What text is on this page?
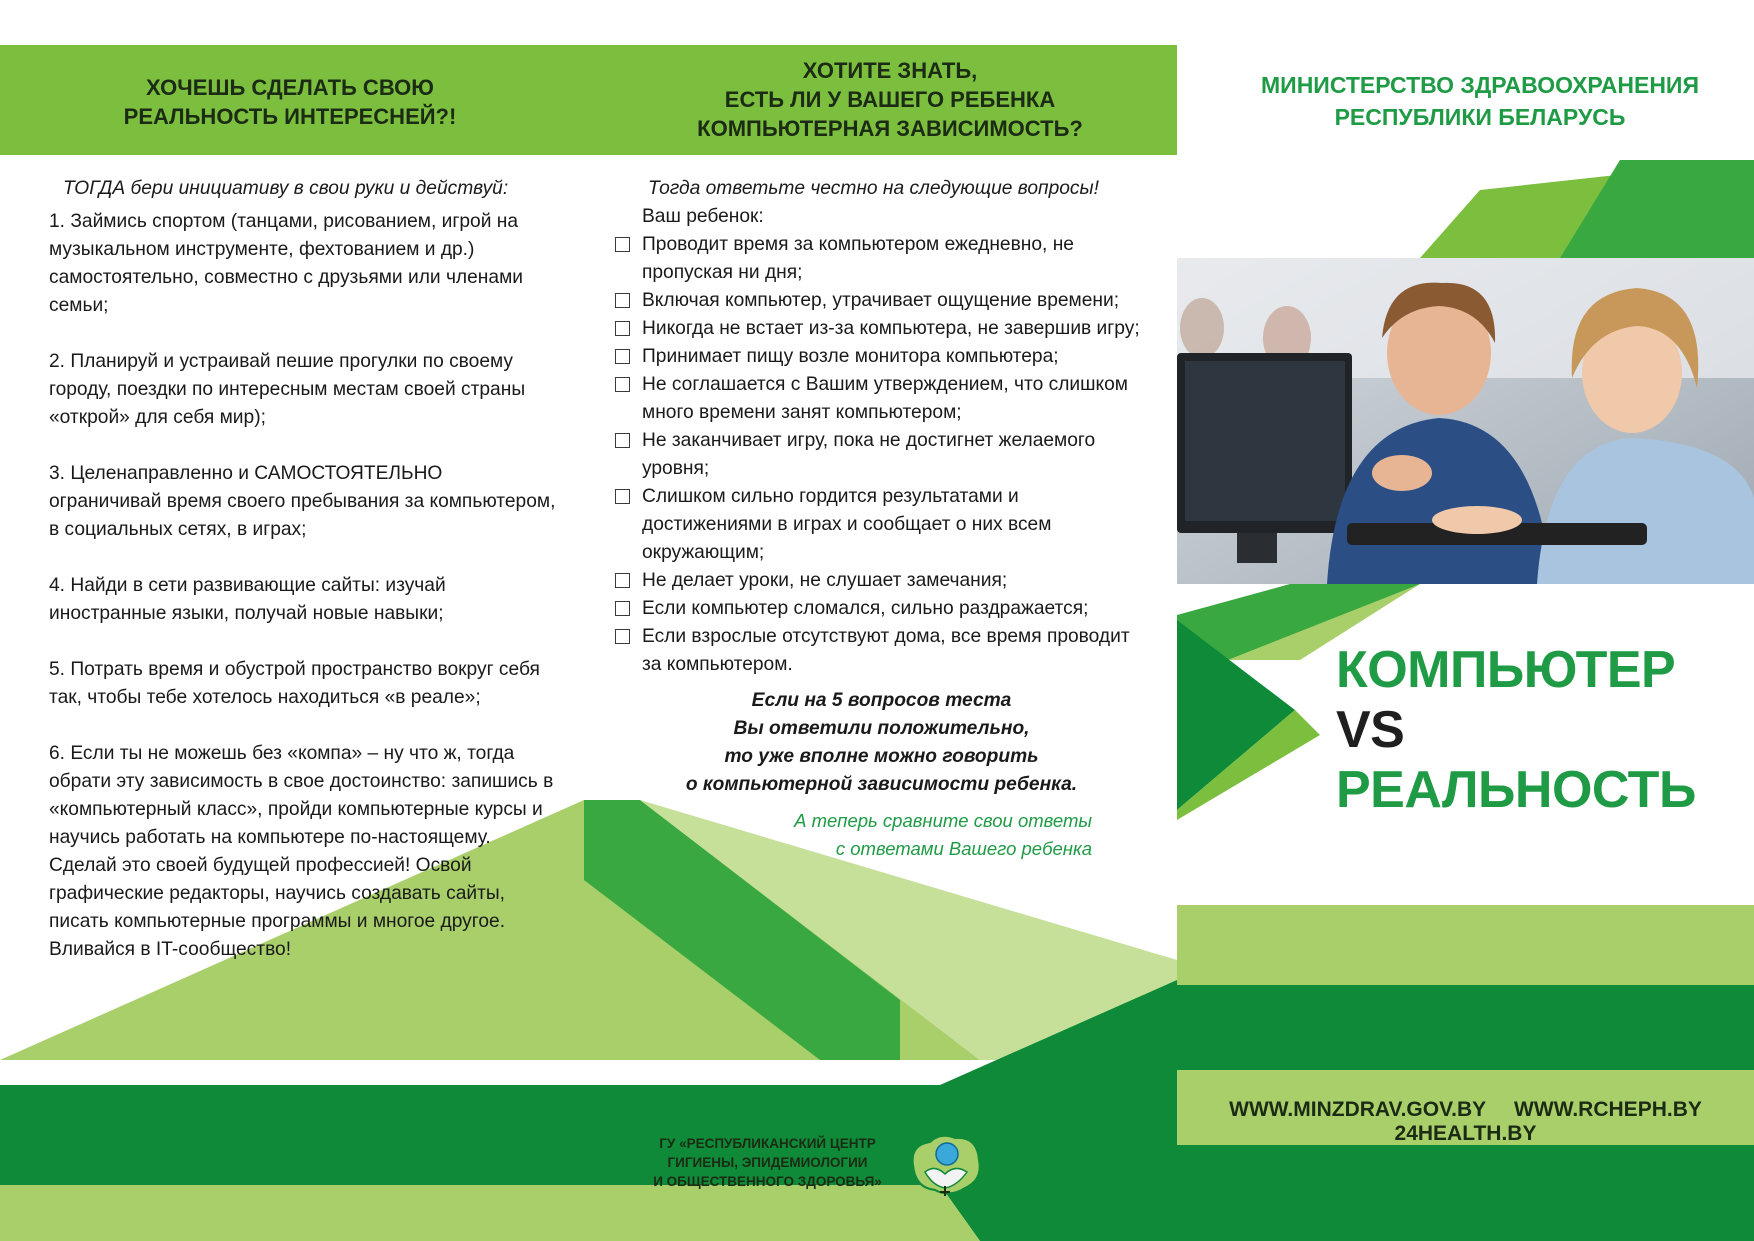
ХОЧЕШЬ СДЕЛАТЬ СВОЮ
РЕАЛЬНОСТЬ ИНТЕРЕСНЕЙ?!
ХОТИТЕ ЗНАТЬ,
ЕСТЬ ЛИ У ВАШЕГО РЕБЕНКА
КОМПЬЮТЕРНАЯ ЗАВИСИМОСТЬ?
МИНИСТЕРСТВО ЗДРАВООХРАНЕНИЯ
РЕСПУБЛИКИ БЕЛАРУСЬ

ТОГДА бери инициативу в свои руки и действуй:

1. Займись спортом (танцами, рисованием, игрой на музыкальном инструменте, фехтованием и др.) самостоятельно, совместно с друзьями или членами семьи;

2. Планируй и устраивай пешие прогулки по своему городу, поездки по интересным местам своей страны «открой» для себя мир);

3. Целенаправленно и САМОСТОЯТЕЛЬНО ограничивай время своего пребывания за компьютером, в социальных сетях, в играх;

4. Найди в сети развивающие сайты: изучай иностранные языки, получай новые навыки;

5. Потрать время и обустрой пространство вокруг себя так, чтобы тебе хотелось находиться «в реале»;

6. Если ты не можешь без «компа» – ну что ж, тогда обрати эту зависимость в свое достоинство: запишись в «компьютерный класс», пройди компьютерные курсы и научись работать на компьютере по-настоящему. Сделай это своей будущей профессией! Освой графические редакторы, научись создавать сайты, писать компьютерные программы и многое другое. Вливайся в IT-сообщество!

Тогда ответьте честно на следующие вопросы!

Ваш ребенок:

Проводит время за компьютером ежедневно, не пропуская ни дня;

Включая компьютер, утрачивает ощущение времени;

Никогда не встает из-за компьютера, не завершив игру;

Принимает пищу возле монитора компьютера;

Не соглашается с Вашим утверждением, что слишком много времени занят компьютером;

Не заканчивает игру, пока не достигнет желаемого уровня;

Слишком сильно гордится результатами и достижениями в играх и сообщает о них всем окружающим;

Не делает уроки, не слушает замечания;

Если компьютер сломался, сильно раздражается;

Если взрослые отсутствуют дома, все время проводит за компьютером.

Если на 5 вопросов теста
Вы ответили положительно,
то уже вполне можно говорить
о компьютерной зависимости ребенка.

А теперь сравните свои ответы
с ответами Вашего ребенка

КОМПЬЮТЕР
VS РЕАЛЬНОСТЬ
WWW.MINZDRAV.GOV.BY WWW.RCHEPH.BY 24HEALTH.BY

ГУ «РЕСПУБЛИКАНСКИЙ ЦЕНТР
ГИГИЕНЫ, ЭПИДЕМИОЛОГИИ
И ОБЩЕСТВЕННОГО ЗДОРОВЬЯ»
